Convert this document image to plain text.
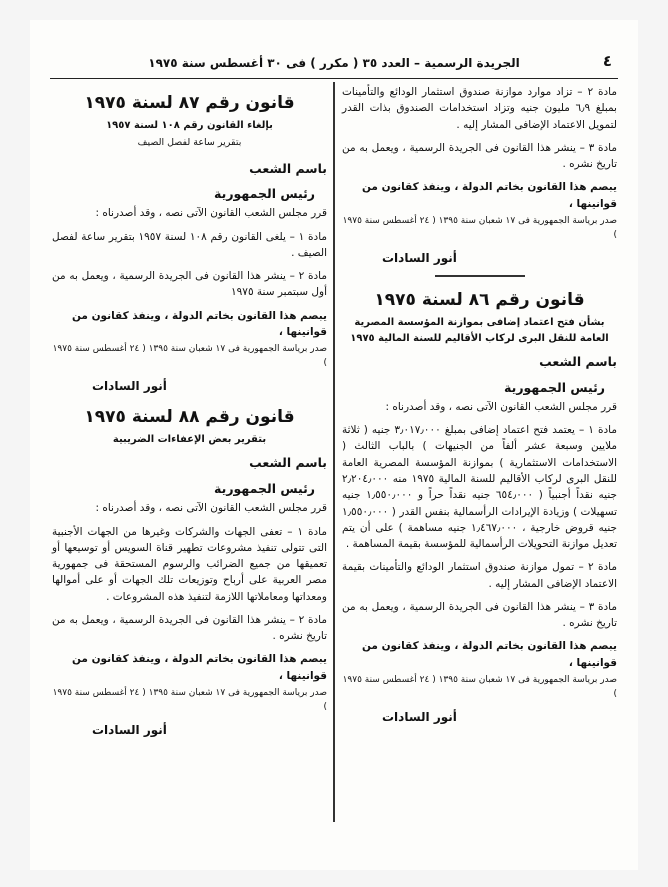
الجريدة الرسمية – العدد ٣٥ ( مكرر ) فى ٣٠ أغسطس سنة ١٩٧٥	٤

مادة ٢ – تزاد موارد موازنة صندوق استثمار الودائع والتأمينات بمبلغ ٦٫٩ مليون جنيه وتزاد استخدامات الصندوق بذات القدر لتمويل الاعتماد الإضافى المشار إليه .

مادة ٣ – ينشر هذا القانون فى الجريدة الرسمية ، ويعمل به من تاريخ نشره .

يبصم هذا القانون بخاتم الدولة ، وينفذ كقانون من قوانينها ،

صدر برياسة الجمهورية فى ١٧ شعبان سنة ١٣٩٥ ( ٢٤ أغسطس سنة ١٩٧٥ )

أنور السادات

قانون رقم ٨٦ لسنة ١٩٧٥

بشأن فتح اعتماد إضافى بموازنة المؤسسة المصرية العامة للنقل البرى لركاب الأقاليم للسنة المالية ١٩٧٥

باسم الشعب

رئيس الجمهورية

قرر مجلس الشعب القانون الآتى نصه ، وقد أصدرناه :

مادة ١ – يعتمد فتح اعتماد إضافى بمبلغ ٣٫٠١٧٫٠٠٠ جنيه ( ثلاثة ملايين وسبعة عشر ألفاً من الجنيهات ) بالباب الثالث ( الاستخدامات الاستثمارية ) بموازنة المؤسسة المصرية العامة للنقل البرى لركاب الأقاليم للسنة المالية ١٩٧٥ منه ٢٫٢٠٤٫٠٠٠ جنيه نقداً أجنبياً ( ٦٥٤٫٠٠٠ جنيه نقداً حراً و ١٫٥٥٠٫٠٠٠ جنيه تسهيلات ) وزيادة الإيرادات الرأسمالية بنفس القدر ( ١٫٥٥٠٫٠٠٠ جنيه قروض خارجية ، ١٫٤٦٧٫٠٠٠ جنيه مساهمة ) على أن يتم تعديل موازنة التحويلات الرأسمالية للمؤسسة بقيمة المساهمة .

مادة ٢ – تمول موازنة صندوق استثمار الودائع والتأمينات بقيمة الاعتماد الإضافى المشار إليه .

مادة ٣ – ينشر هذا القانون فى الجريدة الرسمية ، ويعمل به من تاريخ نشره .

يبصم هذا القانون بخاتم الدولة ، وينفذ كقانون من قوانينها ،

صدر برياسة الجمهورية فى ١٧ شعبان سنة ١٣٩٥ ( ٢٤ أغسطس سنة ١٩٧٥ )

أنور السادات

قانون رقم ٨٧ لسنة ١٩٧٥

بإلغاء القانون رقم ١٠٨ لسنة ١٩٥٧

بتقرير ساعة لفصل الصيف

باسم الشعب

رئيس الجمهورية

قرر مجلس الشعب القانون الآتى نصه ، وقد أصدرناه :

مادة ١ – يلغى القانون رقم ١٠٨ لسنة ١٩٥٧ بتقرير ساعة لفصل الصيف .

مادة ٢ – ينشر هذا القانون فى الجريدة الرسمية ، ويعمل به من أول سبتمبر سنة ١٩٧٥

يبصم هذا القانون بخاتم الدولة ، وينفذ كقانون من قوانينها ،

صدر برياسة الجمهورية فى ١٧ شعبان سنة ١٣٩٥ ( ٢٤ أغسطس سنة ١٩٧٥ )

أنور السادات

قانون رقم ٨٨ لسنة ١٩٧٥

بتقرير بعض الإعفاءات الضريبية

باسم الشعب

رئيس الجمهورية

قرر مجلس الشعب القانون الآتى نصه ، وقد أصدرناه :

مادة ١ – تعفى الجهات والشركات وغيرها من الجهات الأجنبية التى تتولى تنفيذ مشروعات تطهير قناة السويس أو توسيعها أو تعميقها من جميع الضرائب والرسوم المستحقة فى جمهورية مصر العربية على أرباح وتوزيعات تلك الجهات أو على أموالها ومعداتها ومعاملاتها اللازمة لتنفيذ هذه المشروعات .

مادة ٢ – ينشر هذا القانون فى الجريدة الرسمية ، ويعمل به من تاريخ نشره .

يبصم هذا القانون بخاتم الدولة ، وينفذ كقانون من قوانينها ،

صدر برياسة الجمهورية فى ١٧ شعبان سنة ١٣٩٥ ( ٢٤ أغسطس سنة ١٩٧٥ )

أنور السادات
